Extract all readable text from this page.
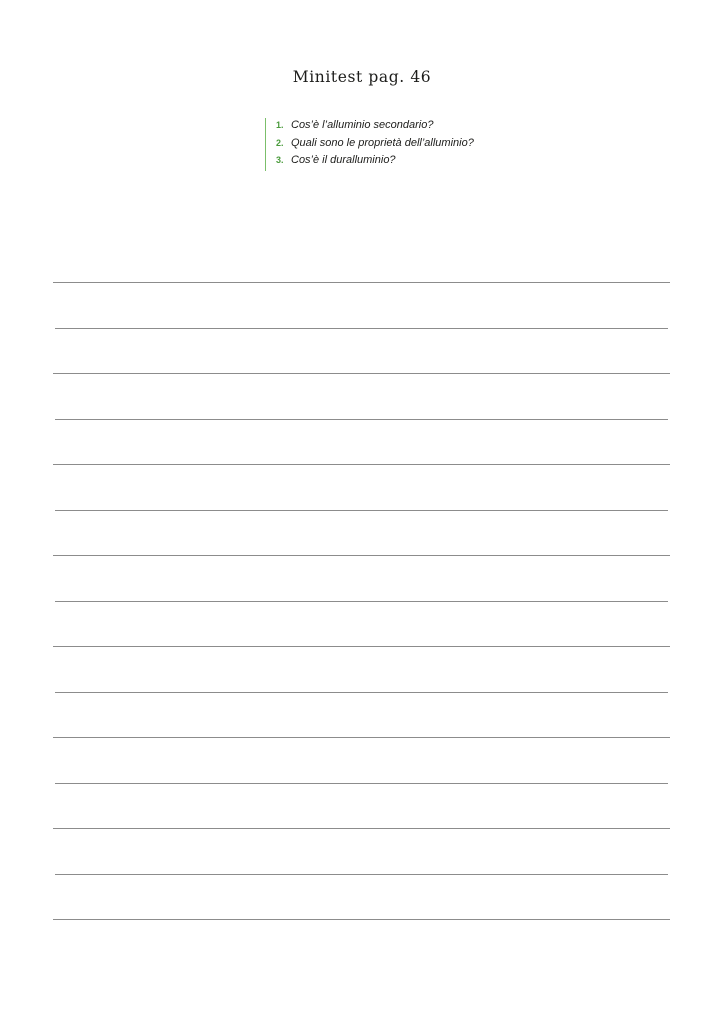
Minitest pag. 46
1. Cos’è l’alluminio secondario?
2. Quali sono le proprietà dell’alluminio?
3. Cos’è il duralluminio?
